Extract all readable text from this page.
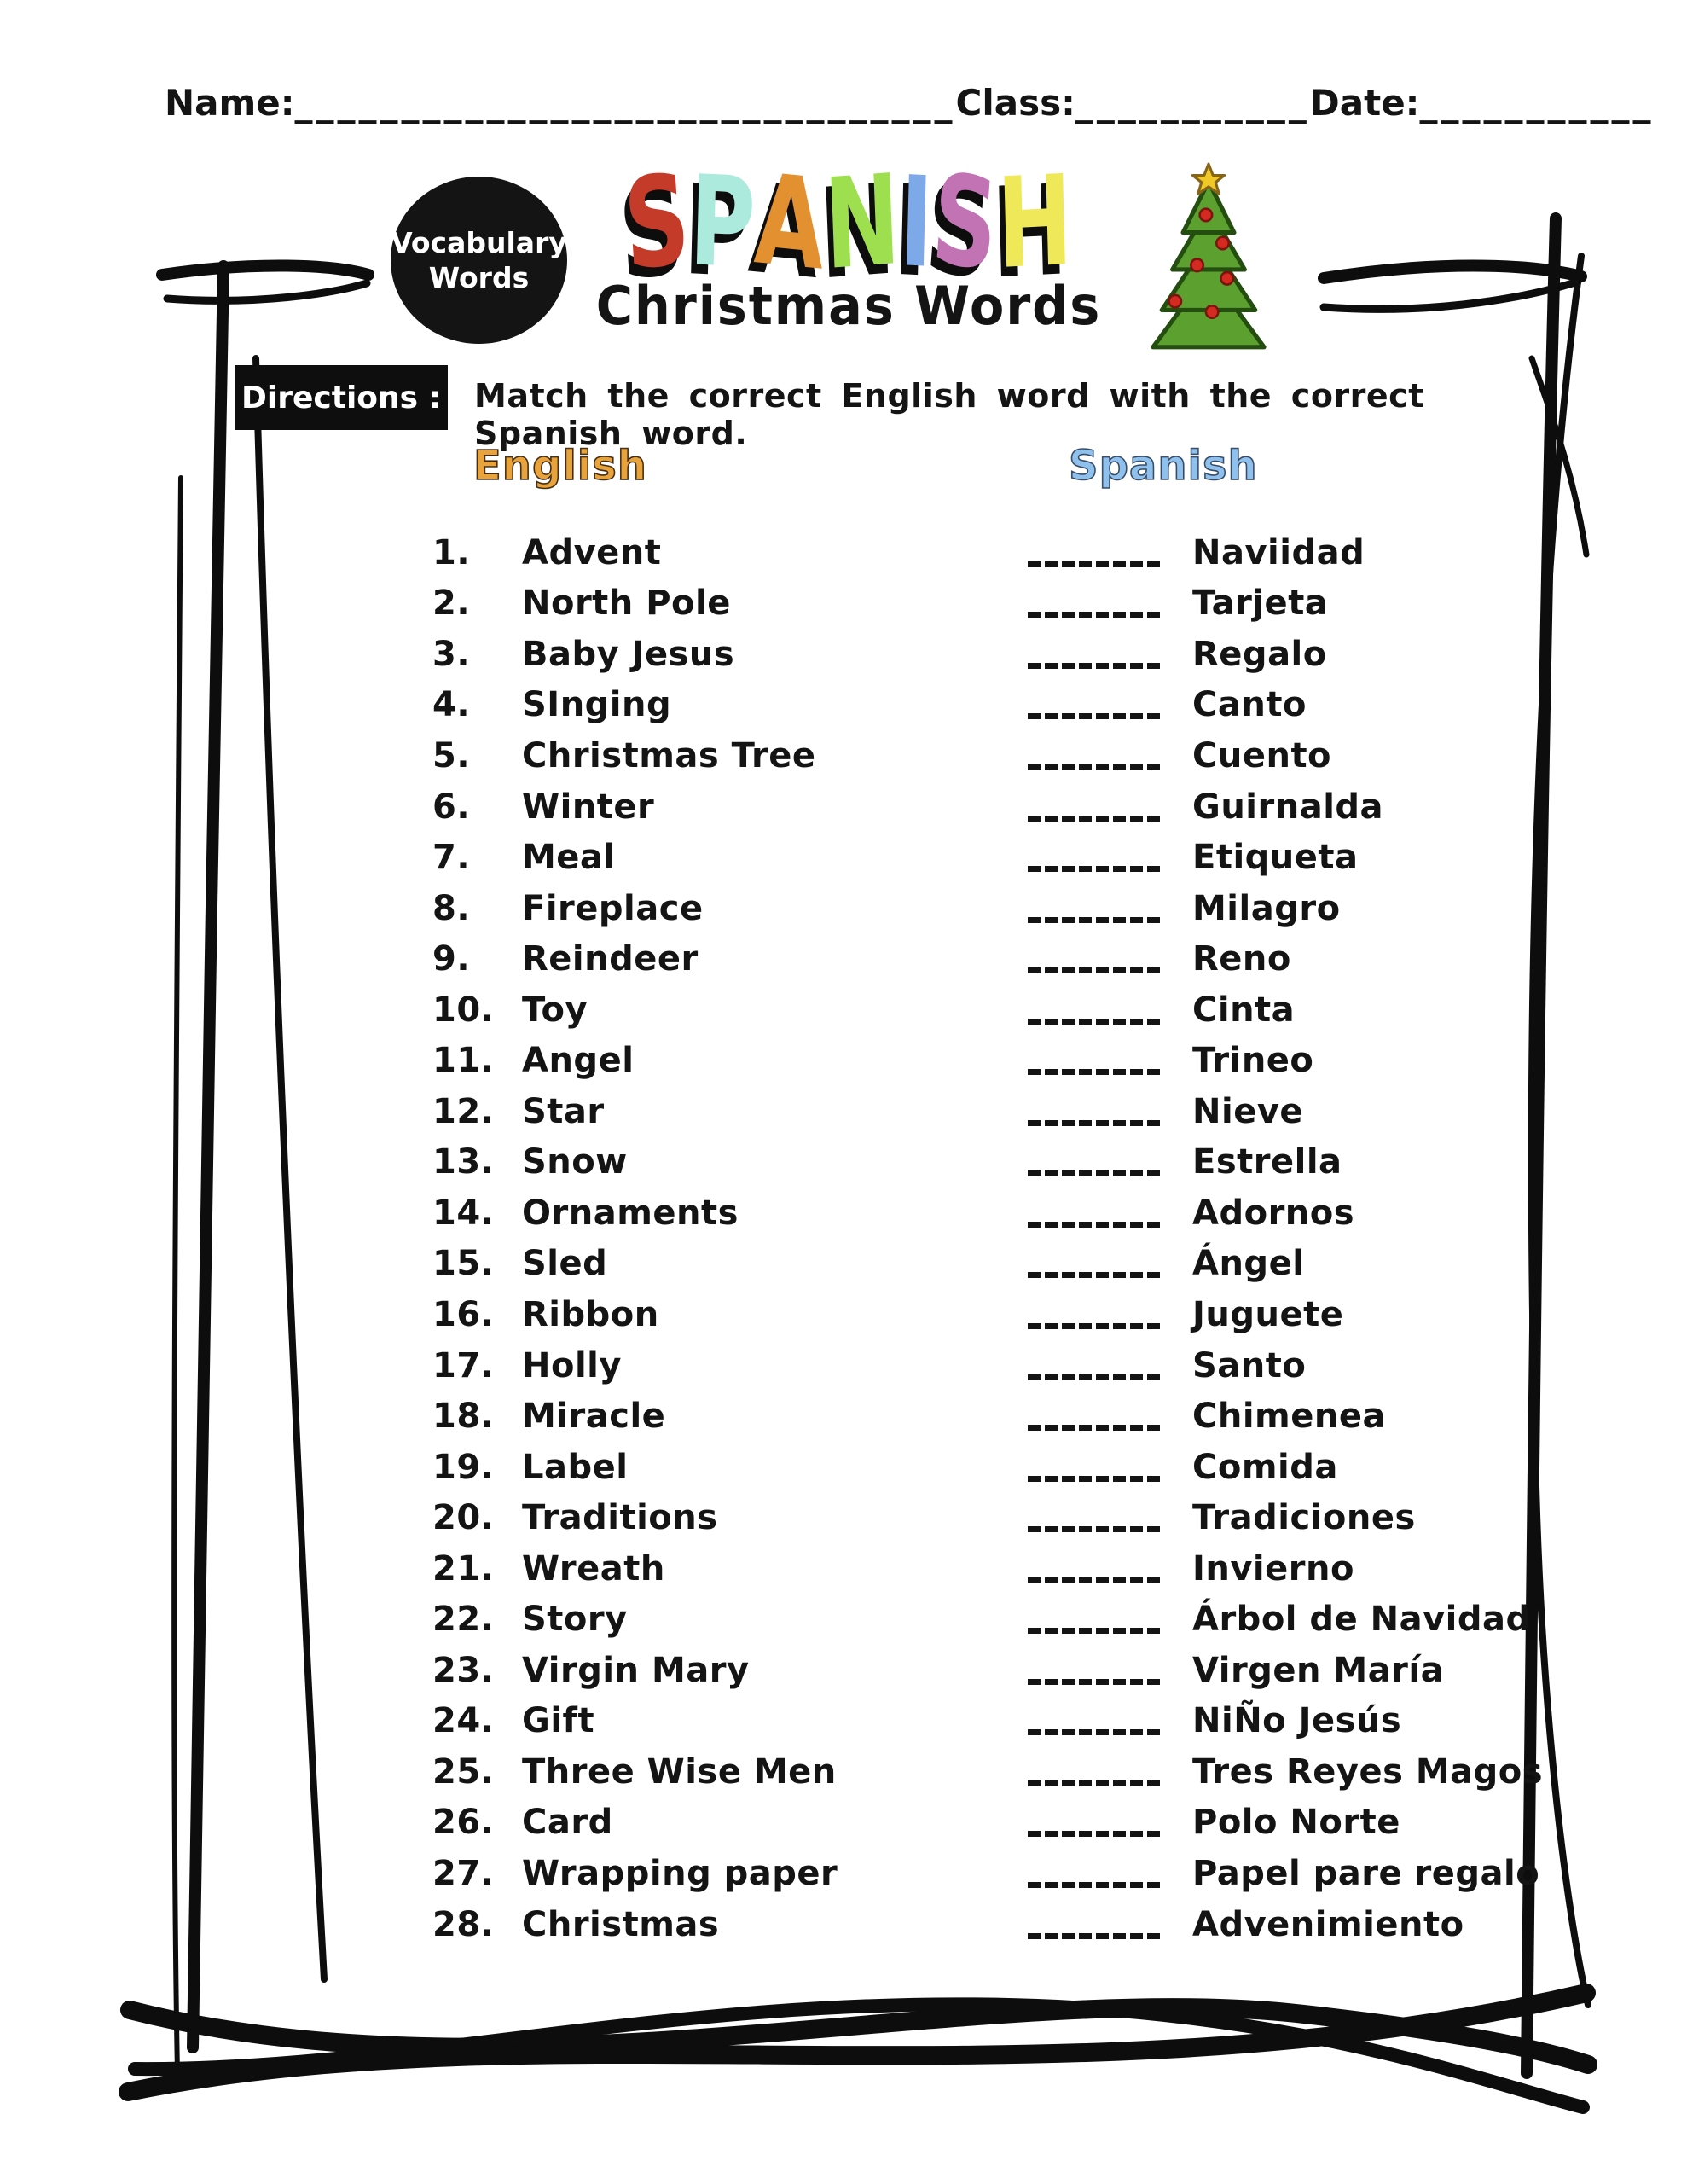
Name:_______________________________Class:___________Date:___________
Vocabulary
Words S
P
A
N
I
S
H
Christmas Words
Directions : Match the correct English word with the correct Spanish word.
English	Spanish
1. Advent	Naviidad
2. North Pole	Tarjeta
3. Baby Jesus	Regalo
4. SInging	Canto
5. Christmas Tree	Cuento
6. Winter	Guirnalda
7. Meal	Etiqueta
8. Fireplace	Milagro
9. Reindeer	Reno
10. Toy	Cinta
11. Angel	Trineo
12. Star	Nieve
13. Snow	Estrella
14. Ornaments	Adornos
15. Sled	Ángel
16. Ribbon	Juguete
17. Holly	Santo
18. Miracle	Chimenea
19. Label	Comida
20. Traditions	Tradiciones
21. Wreath	Invierno
22. Story	Árbol de Navidad
23. Virgin Mary	Virgen María
24. Gift	NiÑo Jesús
25. Three Wise Men	Tres Reyes Magos
26. Card	Polo Norte
27. Wrapping paper	Papel pare regalo
28. Christmas	Advenimiento
